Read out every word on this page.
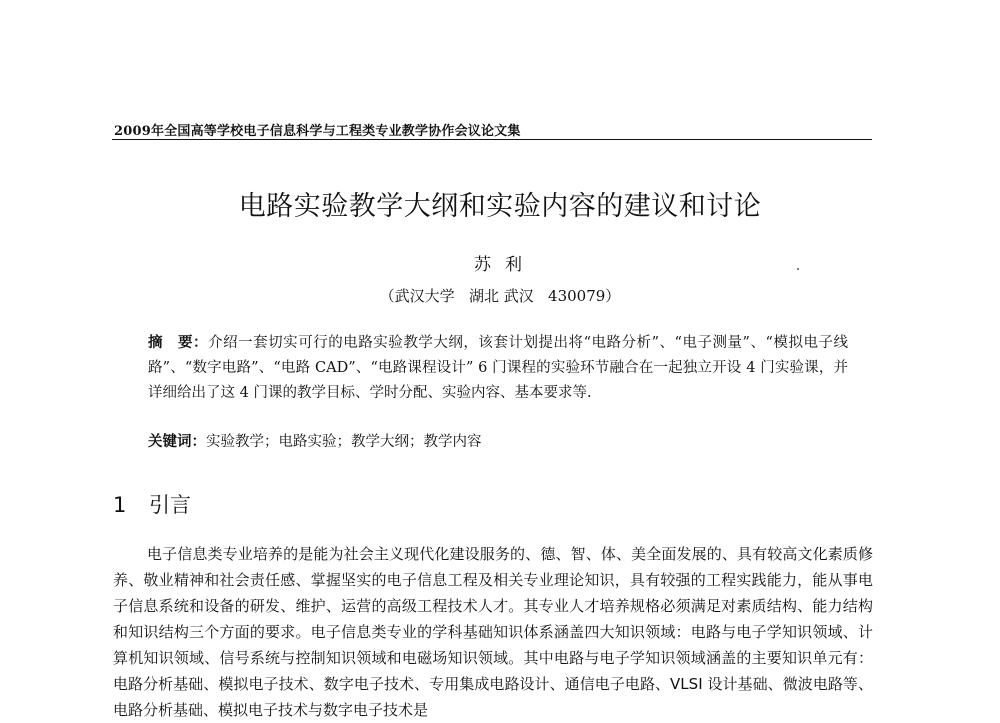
2009年全国高等学校电子信息科学与工程类专业教学协作会议论文集
电路实验教学大纲和实验内容的建议和讨论
苏利
（武汉大学   湖北 武汉   430079）
摘　要：介绍一套切实可行的电路实验教学大纲，该套计划提出将“电路分析”、“电子测量”、“模拟电子线路”、“数字电路”、“电路 CAD”、“电路课程设计” 6 门课程的实验环节融合在一起独立开设 4 门实验课，并详细给出了这 4 门课的教学目标、学时分配、实验内容、基本要求等.
关键词：实验教学；电路实验；教学大纲；教学内容
1 引言
电子信息类专业培养的是能为社会主义现代化建设服务的、德、智、体、美全面发展的、具有较高文化素质修养、敬业精神和社会责任感、掌握坚实的电子信息工程及相关专业理论知识，具有较强的工程实践能力，能从事电子信息系统和设备的研发、维护、运营的高级工程技术人才。其专业人才培养规格必须满足对素质结构、能力结构和知识结构三个方面的要求。电子信息类专业的学科基础知识体系涵盖四大知识领域：电路与电子学知识领域、计算机知识领域、信号系统与控制知识领域和电磁场知识领域。其中电路与电子学知识领域涵盖的主要知识单元有：电路分析基础、模拟电子技术、数字电子技术、专用集成电路设计、通信电子电路、VLSI 设计基础、微波电路等、电路分析基础、模拟电子技术与数字电子技术是
